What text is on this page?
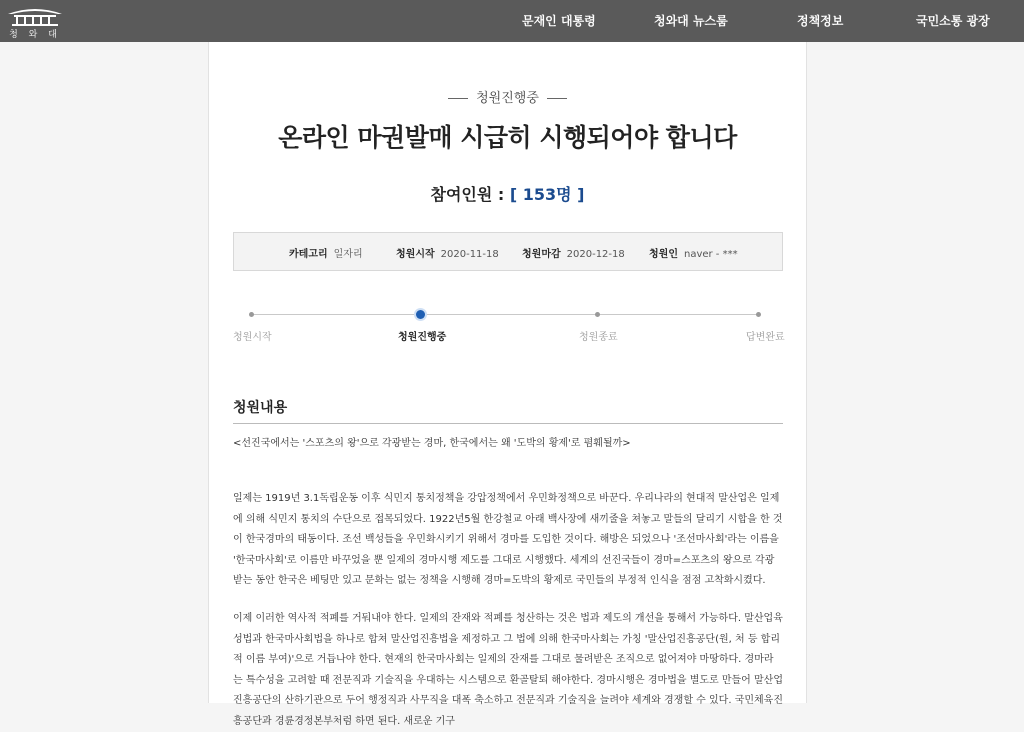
청 와 대
문재인 대통령	청와대 뉴스룸	정책정보	국민소통 광장
청원진행중
온라인 마권발매 시급히 시행되어야 합니다
참여인원 : [ 153명 ]
카테고리 일자리	청원시작 2020-11-18 청원마감 2020-12-18 청원인 naver - ***
청원시작	청원진행중	청원종료	답변완료
청원내용
<선진국에서는 '스포츠의 왕'으로 각광받는 경마, 한국에서는 왜 '도박의 황제'로 폄훼될까>
일제는 1919년 3.1독립운동 이후 식민지 통치정책을 강압정책에서 우민화정책으로 바꾼다. 우리나라의 현대적 말산업은 일제에 의해 식민지 통치의 수단으로 접목되었다. 1922년5월 한강철교 아래 백사장에 새끼줄을 쳐놓고 말들의 달리기 시합을 한 것이 한국경마의 태동이다. 조선 백성들을 우민화시키기 위해서 경마를 도입한 것이다. 해방은 되었으나 '조선마사회'라는 이름을 '한국마사회'로 이름만 바꾸었을 뿐 일제의 경마시행 제도를 그대로 시행했다. 세계의 선진국들이 경마=스포츠의 왕으로 각광받는 동안 한국은 베팅만 있고 문화는 없는 정책을 시행해 경마=도박의 황제로 국민들의 부정적 인식을 점점 고착화시켰다.
이제 이러한 역사적 적폐를 거둬내야 한다. 일제의 잔재와 적폐를 청산하는 것은 법과 제도의 개선을 통해서 가능하다. 말산업육성법과 한국마사회법을 하나로 합쳐 말산업진흥법을 제정하고 그 법에 의해 한국마사회는 가칭 '말산업진흥공단(원, 처 등 합리적 이름 부여)'으로 거듭나야 한다. 현재의 한국마사회는 일제의 잔재를 그대로 물려받은 조직으로 없어져야 마땅하다. 경마라는 특수성을 고려할 때 전문직과 기술직을 우대하는 시스템으로 환골탈퇴 해야한다. 경마시행은 경마법을 별도로 만들어 말산업진흥공단의 산하기관으로 두어 행정직과 사무직을 대폭 축소하고 전문직과 기술직을 늘려야 세계와 경쟁할 수 있다. 국민체육진흥공단과 경륜경정본부처럼 하면 된다. 새로운 기구
